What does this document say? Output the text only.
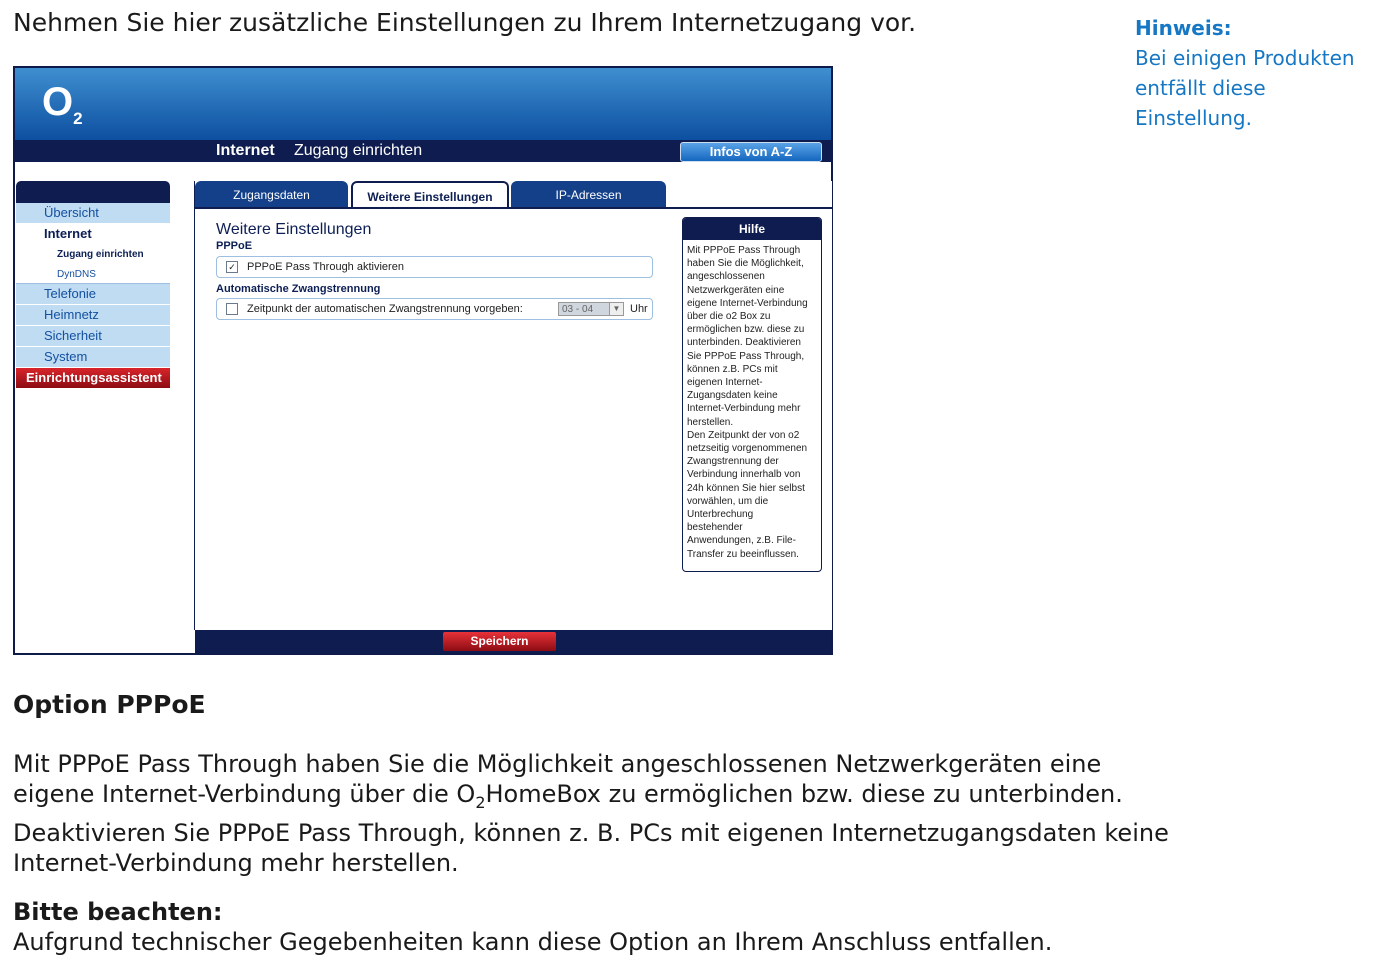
Nehmen Sie hier zusätzliche Einstellungen zu Ihrem Internetzugang vor.	Hinweis:
Bei einigen Produkten
entfällt diese Einstellung.
$O_2$
Internet Zugang einrichten	Infos von A-Z
Übersicht
Internet
Zugang einrichten
DynDNS
Telefonie
Heimnetz
Sicherheit
System
Einrichtungsassistent
Zugangsdaten	Weitere Einstellungen	IP-Adressen
Weitere Einstellungen
PPPoE
✓ PPPoE Pass Through aktivieren
Automatische Zwangstrennung
Zeitpunkt der automatischen Zwangstrennung vorgeben:	03 - 04	▼ Uhr
Hilfe
Mit PPPoE Pass Through
haben Sie die Möglichkeit,
angeschlossenen
Netzwerkgeräten eine
eigene Internet-Verbindung
über die o2 Box zu
ermöglichen bzw. diese zu
unterbinden. Deaktivieren
Sie PPPoE Pass Through,
können z.B. PCs mit
eigenen Internet-
Zugangsdaten keine
Internet-Verbindung mehr
herstellen.
Den Zeitpunkt der von o2
netzseitig vorgenommenen
Zwangstrennung der
Verbindung innerhalb von
24h können Sie hier selbst
vorwählen, um die
Unterbrechung
bestehender
Anwendungen, z.B. File-
Transfer zu beeinflussen.
Speichern
Option PPPoE

Mit PPPoE Pass Through haben Sie die Möglichkeit angeschlossenen Netzwerkgeräten eine

eigene Internet-Verbindung über die $O_2HomeBox$ zu ermöglichen bzw. diese zu unterbinden.

Deaktivieren Sie PPPoE Pass Through, können z. B. PCs mit eigenen Internetzugangsdaten keine

Internet-Verbindung mehr herstellen.

Bitte beachten:
Aufgrund technischer Gegebenheiten kann diese Option an Ihrem Anschluss entfallen.
